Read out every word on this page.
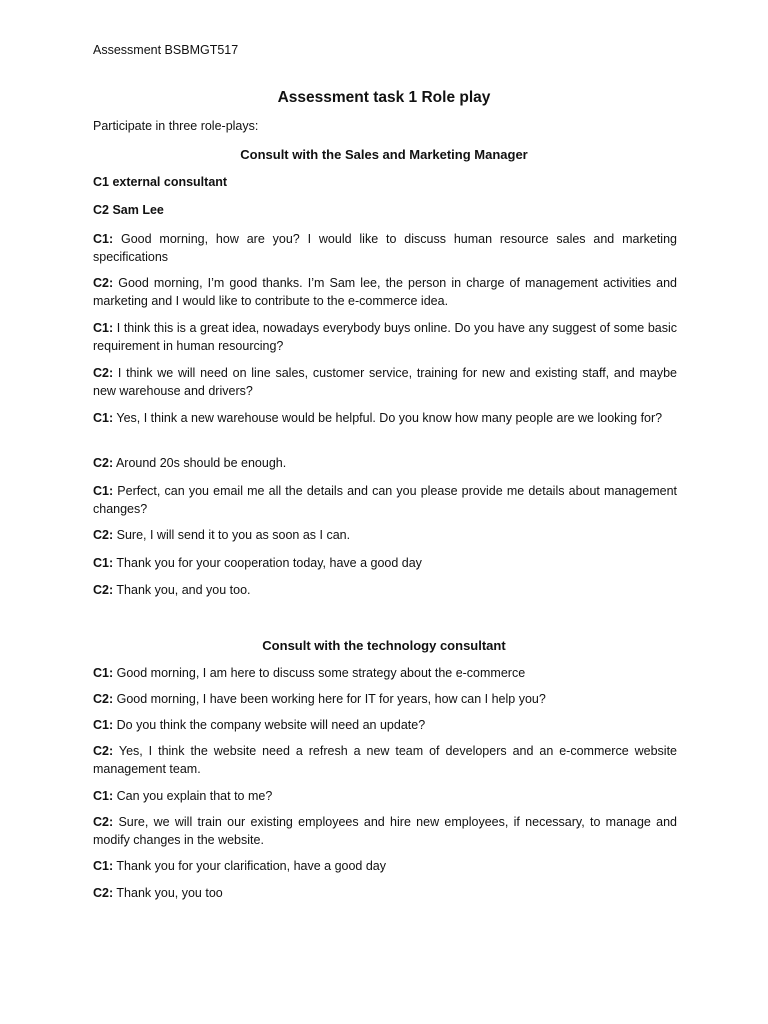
Assessment BSBMGT517
Assessment task 1 Role play
Participate in three role-plays:
Consult with the Sales and Marketing Manager
C1 external consultant
C2 Sam Lee
C1: Good morning, how are you? I would like to discuss human resource sales and marketing specifications
C2: Good morning, I’m good thanks. I’m Sam lee, the person in charge of management activities and marketing and I would like to contribute to the e-commerce idea.
C1: I think this is a great idea, nowadays everybody buys online. Do you have any suggest of some basic requirement in human resourcing?
C2: I think we will need on line sales, customer service, training for new and existing staff, and maybe new warehouse and drivers?
C1: Yes, I think a new warehouse would be helpful. Do you know how many people are we looking for?
C2: Around 20s should be enough.
C1: Perfect, can you email me all the details and can you please provide me details about management changes?
C2: Sure, I will send it to you as soon as I can.
C1: Thank you for your cooperation today, have a good day
C2: Thank you, and you too.
Consult with the technology consultant
C1: Good morning, I am here to discuss some strategy about the e-commerce
C2: Good morning, I have been working here for IT for years, how can I help you?
C1: Do you think the company website will need an update?
C2: Yes, I think the website need a refresh a new team of developers and an e-commerce website management team.
C1: Can you explain that to me?
C2: Sure, we will train our existing employees and hire new employees, if necessary, to manage and modify changes in the website.
C1: Thank you for your clarification, have a good day
C2: Thank you, you too
